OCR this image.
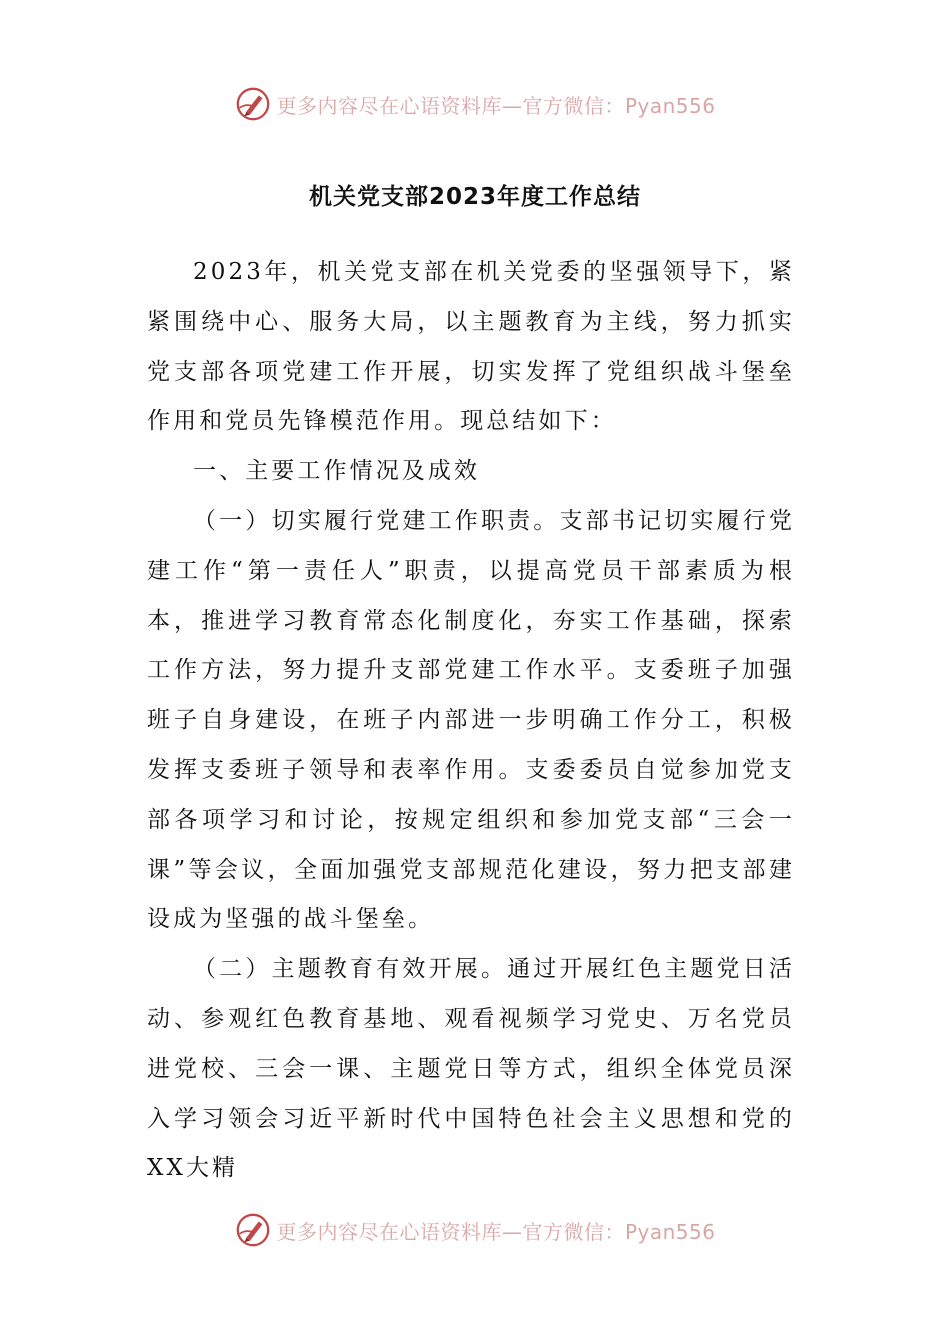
更多内容尽在心语资料库—官方微信：Pyan556
机关党支部2023年度工作总结

2023年，机关党支部在机关党委的坚强领导下，紧紧围绕中心、服务大局，以主题教育为主线，努力抓实党支部各项党建工作开展，切实发挥了党组织战斗堡垒作用和党员先锋模范作用。现总结如下：

一、主要工作情况及成效

（一）切实履行党建工作职责。支部书记切实履行党建工作“第一责任人”职责，以提高党员干部素质为根本，推进学习教育常态化制度化，夯实工作基础，探索工作方法，努力提升支部党建工作水平。支委班子加强班子自身建设，在班子内部进一步明确工作分工，积极发挥支委班子领导和表率作用。支委委员自觉参加党支部各项学习和讨论，按规定组织和参加党支部“三会一课”等会议，全面加强党支部规范化建设，努力把支部建设成为坚强的战斗堡垒。

（二）主题教育有效开展。通过开展红色主题党日活动、参观红色教育基地、观看视频学习党史、万名党员进党校、三会一课、主题党日等方式，组织全体党员深入学习领会习近平新时代中国特色社会主义思想和党的XX大精

更多内容尽在心语资料库—官方微信：Pyan556
